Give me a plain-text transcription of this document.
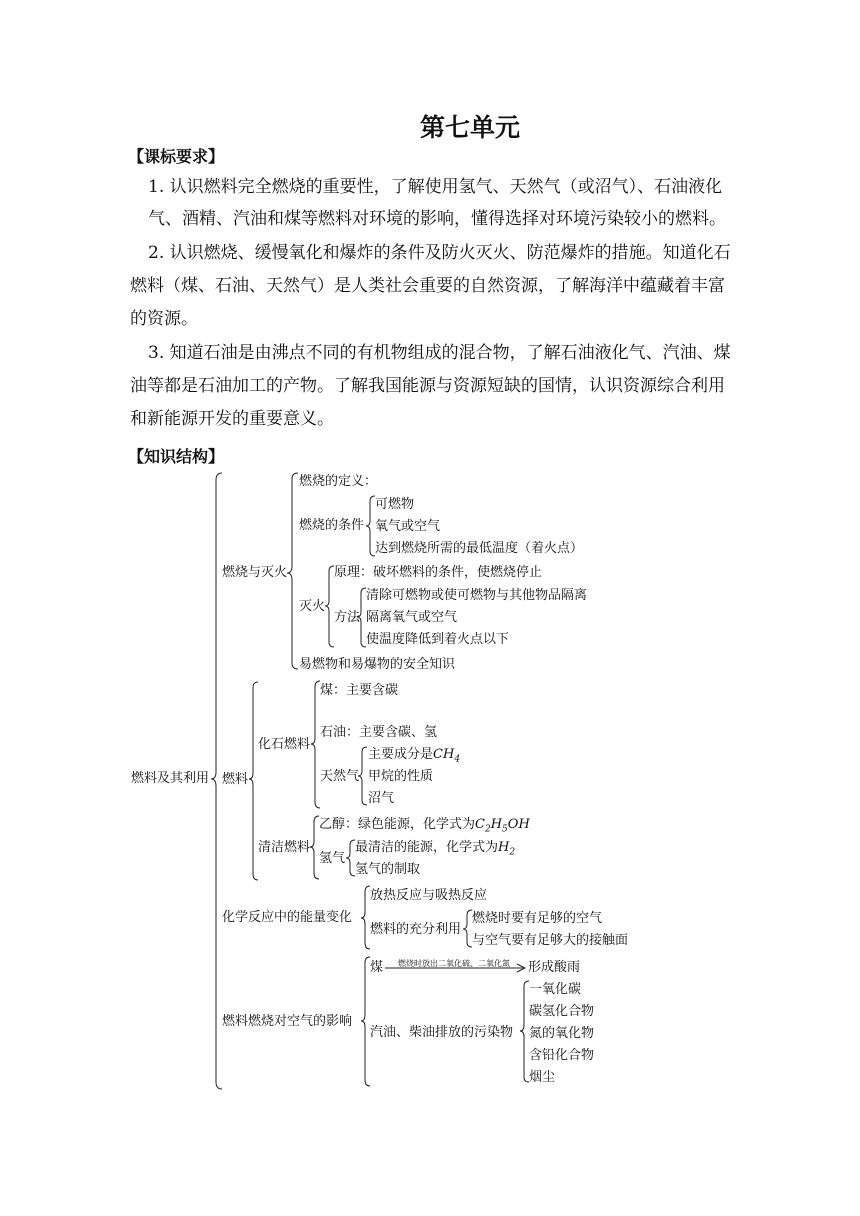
第七单元
【课标要求】
1. 认识燃料完全燃烧的重要性，了解使用氢气、天然气（或沼气）、石油液化
气、酒精、汽油和煤等燃料对环境的影响，懂得选择对环境污染较小的燃料。
2. 认识燃烧、缓慢氧化和爆炸的条件及防火灭火、防范爆炸的措施。知道化石
燃料（煤、石油、天然气）是人类社会重要的自然资源，了解海洋中蕴藏着丰富
的资源。
3. 知道石油是由沸点不同的有机物组成的混合物，了解石油液化气、汽油、煤
油等都是石油加工的产物。了解我国能源与资源短缺的国情，认识资源综合利用
和新能源开发的重要意义。
【知识结构】
燃料及其利用
燃烧与灭火
燃烧的定义：
燃烧的条件
可燃物
氧气或空气
达到燃烧所需的最低温度（着火点）
灭火
原理：破坏燃料的条件，使燃烧停止
方法
清除可燃物或使可燃物与其他物品隔离
隔离氧气或空气
使温度降低到着火点以下
易燃物和易爆物的安全知识
燃料
化石燃料
煤：主要含碳
石油：主要含碳、氢
天然气
主要成分是$CH_4$
甲烷的性质
沼气
清洁燃料
乙醇：绿色能源，化学式为$C_2H_5OH$
氢气
最清洁的能源，化学式为$H_2$
氢气的制取
化学反应中的能量变化
放热反应与吸热反应
燃料的充分利用
燃烧时要有足够的空气
与空气要有足够大的接触面
燃料燃烧对空气的影响
煤 燃烧时放出二氧化硫、二氧化氮 形成酸雨
汽油、柴油排放的污染物
一氧化碳
碳氢化合物
氮的氧化物
含铅化合物
烟尘
